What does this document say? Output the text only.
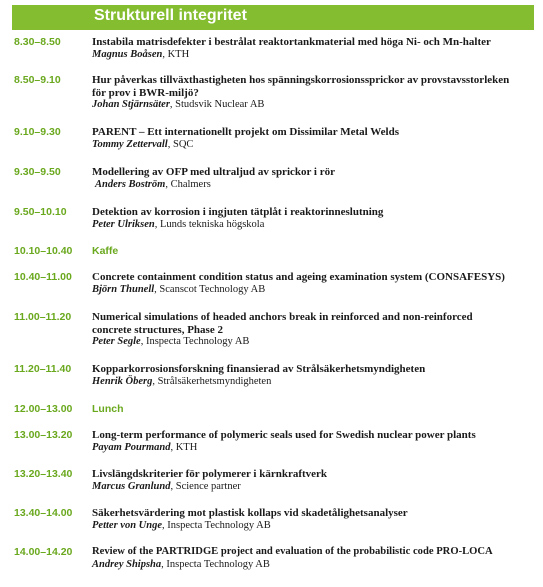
Strukturell integritet
8.30–8.50	Instabila matrisdefekter i bestrålat reaktortankmaterial med höga Ni- och Mn-halter
Magnus Boåsen, KTH
8.50–9.10	Hur påverkas tillväxthastigheten hos spänningskorrosionssprickor av provstavsstorleken
för prov i BWR-miljö?
Johan Stjärnsäter, Studsvik Nuclear AB
9.10–9.30	PARENT – Ett internationellt projekt om Dissimilar Metal Welds
Tommy Zettervall, SQC
9.30–9.50	Modellering av OFP med ultraljud av sprickor i rör
Anders Boström, Chalmers
9.50–10.10	Detektion av korrosion i ingjuten tätplåt i reaktorinneslutning
Peter Ulriksen, Lunds tekniska högskola
10.10–10.40	Kaffe
10.40–11.00	Concrete containment condition status and ageing examination system (CONSAFESYS)
Björn Thunell, Scanscot Technology AB
11.00–11.20	Numerical simulations of headed anchors break in reinforced and non-reinforced
concrete structures, Phase 2
Peter Segle, Inspecta Technology AB
11.20–11.40	Kopparkorrosionsforskning finansierad av Strålsäkerhetsmyndigheten
Henrik Öberg, Strålsäkerhetsmyndigheten
12.00–13.00	Lunch
13.00–13.20	Long-term performance of polymeric seals used for Swedish nuclear power plants
Payam Pourmand, KTH
13.20–13.40	Livslängdskriterier för polymerer i kärnkraftverk
Marcus Granlund, Science partner
13.40–14.00	Säkerhetsvärdering mot plastisk kollaps vid skadetålighetsanalyser
Petter von Unge, Inspecta Technology AB
14.00–14.20	Review of the PARTRIDGE project and evaluation of the probabilistic code PRO-LOCA
Andrey Shipsha, Inspecta Technology AB
